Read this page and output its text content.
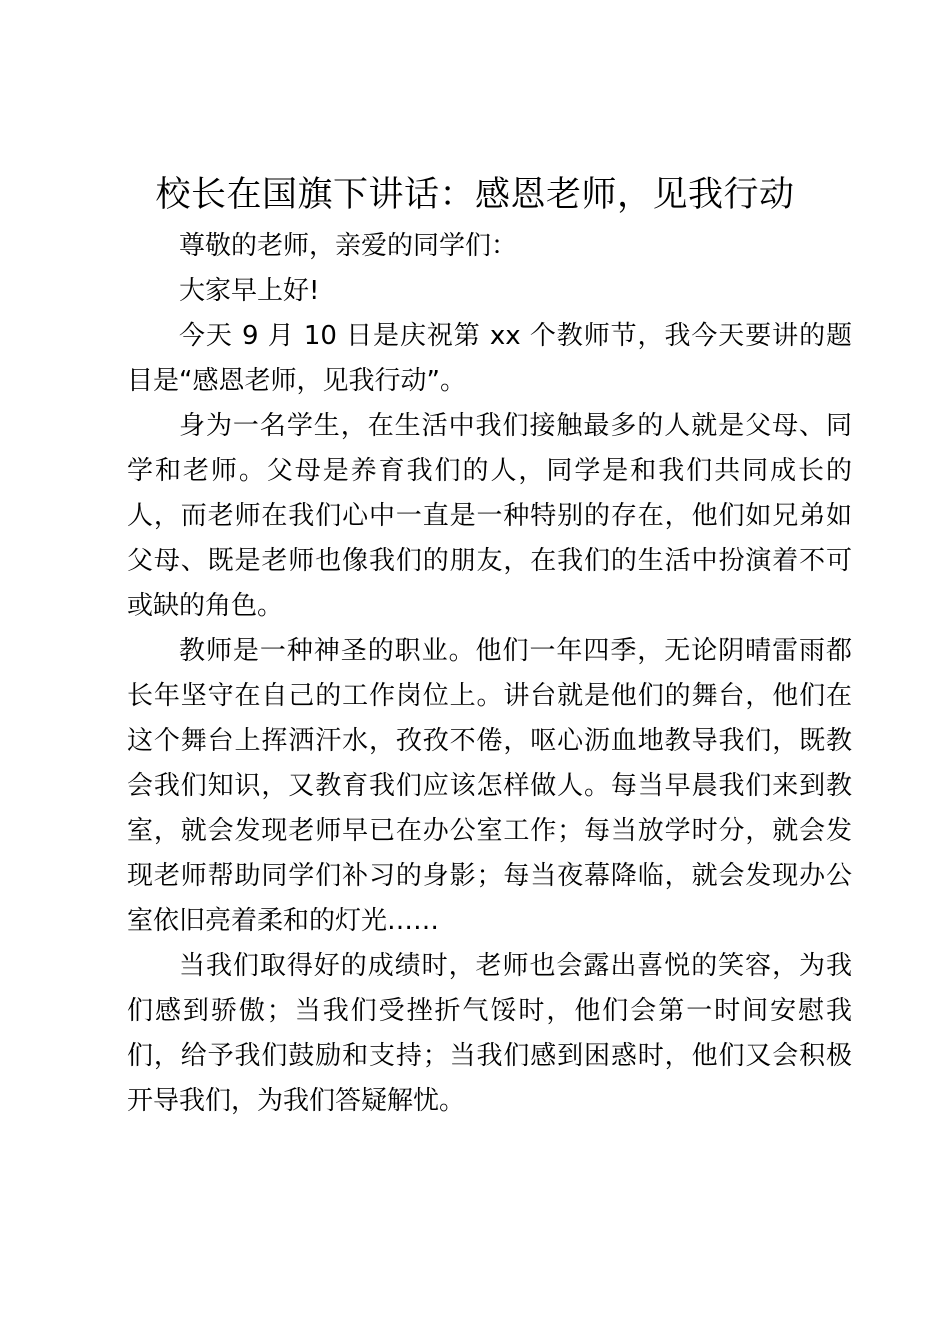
校长在国旗下讲话：感恩老师，见我行动

尊敬的老师，亲爱的同学们：

大家早上好!

今天 9 月 10 日是庆祝第 xx 个教师节，我今天要讲的题目是“感恩老师，见我行动”。

身为一名学生，在生活中我们接触最多的人就是父母、同学和老师。父母是养育我们的人，同学是和我们共同成长的人，而老师在我们心中一直是一种特别的存在，他们如兄弟如父母、既是老师也像我们的朋友，在我们的生活中扮演着不可或缺的角色。

教师是一种神圣的职业。他们一年四季，无论阴晴雷雨都长年坚守在自己的工作岗位上。讲台就是他们的舞台，他们在这个舞台上挥洒汗水，孜孜不倦，呕心沥血地教导我们，既教会我们知识，又教育我们应该怎样做人。每当早晨我们来到教室，就会发现老师早已在办公室工作；每当放学时分，就会发现老师帮助同学们补习的身影；每当夜幕降临，就会发现办公室依旧亮着柔和的灯光……

当我们取得好的成绩时，老师也会露出喜悦的笑容，为我们感到骄傲；当我们受挫折气馁时，他们会第一时间安慰我们，给予我们鼓励和支持；当我们感到困惑时，他们又会积极开导我们，为我们答疑解忧。
